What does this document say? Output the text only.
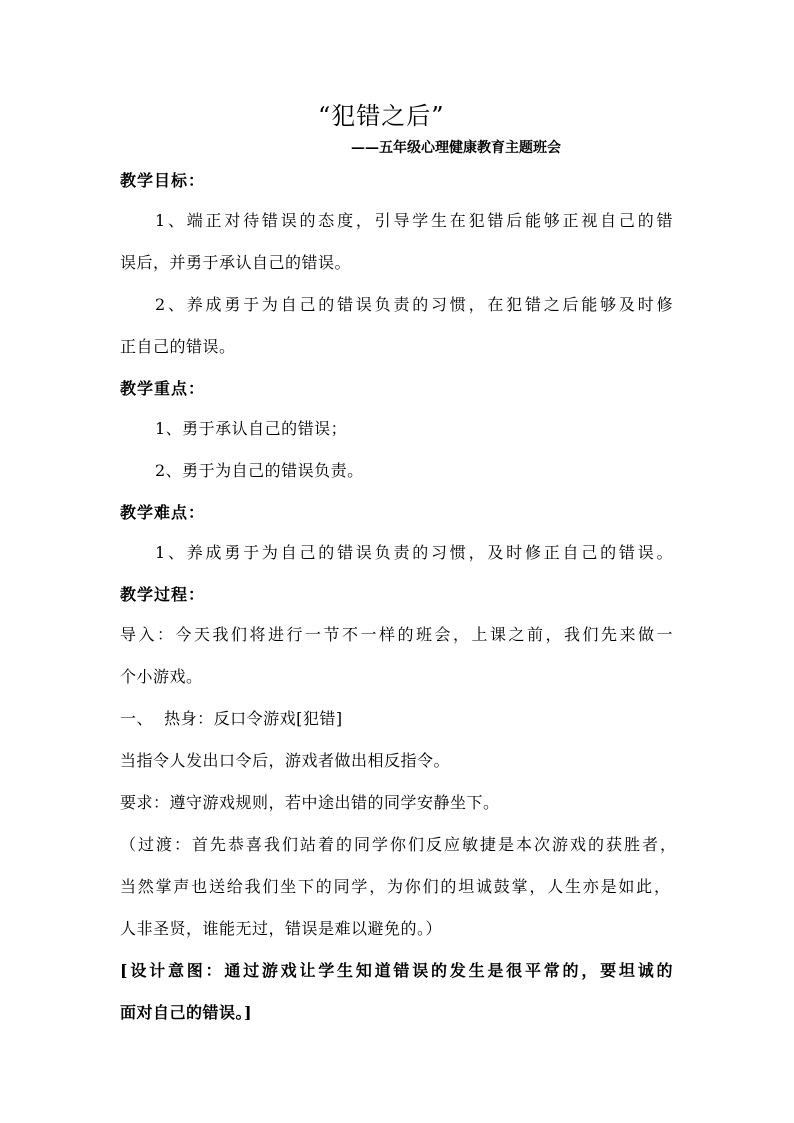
“犯错之后”
——五年级心理健康教育主题班会
教学目标：
1、端正对待错误的态度，引导学生在犯错后能够正视自己的错
误后，并勇于承认自己的错误。
2、养成勇于为自己的错误负责的习惯，在犯错之后能够及时修
正自己的错误。
教学重点：
1、勇于承认自己的错误；
2、勇于为自己的错误负责。
教学难点：
1、养成勇于为自己的错误负责的习惯，及时修正自己的错误。
教学过程：
导入：今天我们将进行一节不一样的班会，上课之前，我们先来做一
个小游戏。
一、  热身：反口令游戏[犯错]
当指令人发出口令后，游戏者做出相反指令。
要求：遵守游戏规则，若中途出错的同学安静坐下。
（过渡：首先恭喜我们站着的同学你们反应敏捷是本次游戏的获胜者，
当然掌声也送给我们坐下的同学，为你们的坦诚鼓掌，人生亦是如此，
人非圣贤，谁能无过，错误是难以避免的。）
[设计意图：通过游戏让学生知道错误的发生是很平常的，要坦诚的
面对自己的错误。]
